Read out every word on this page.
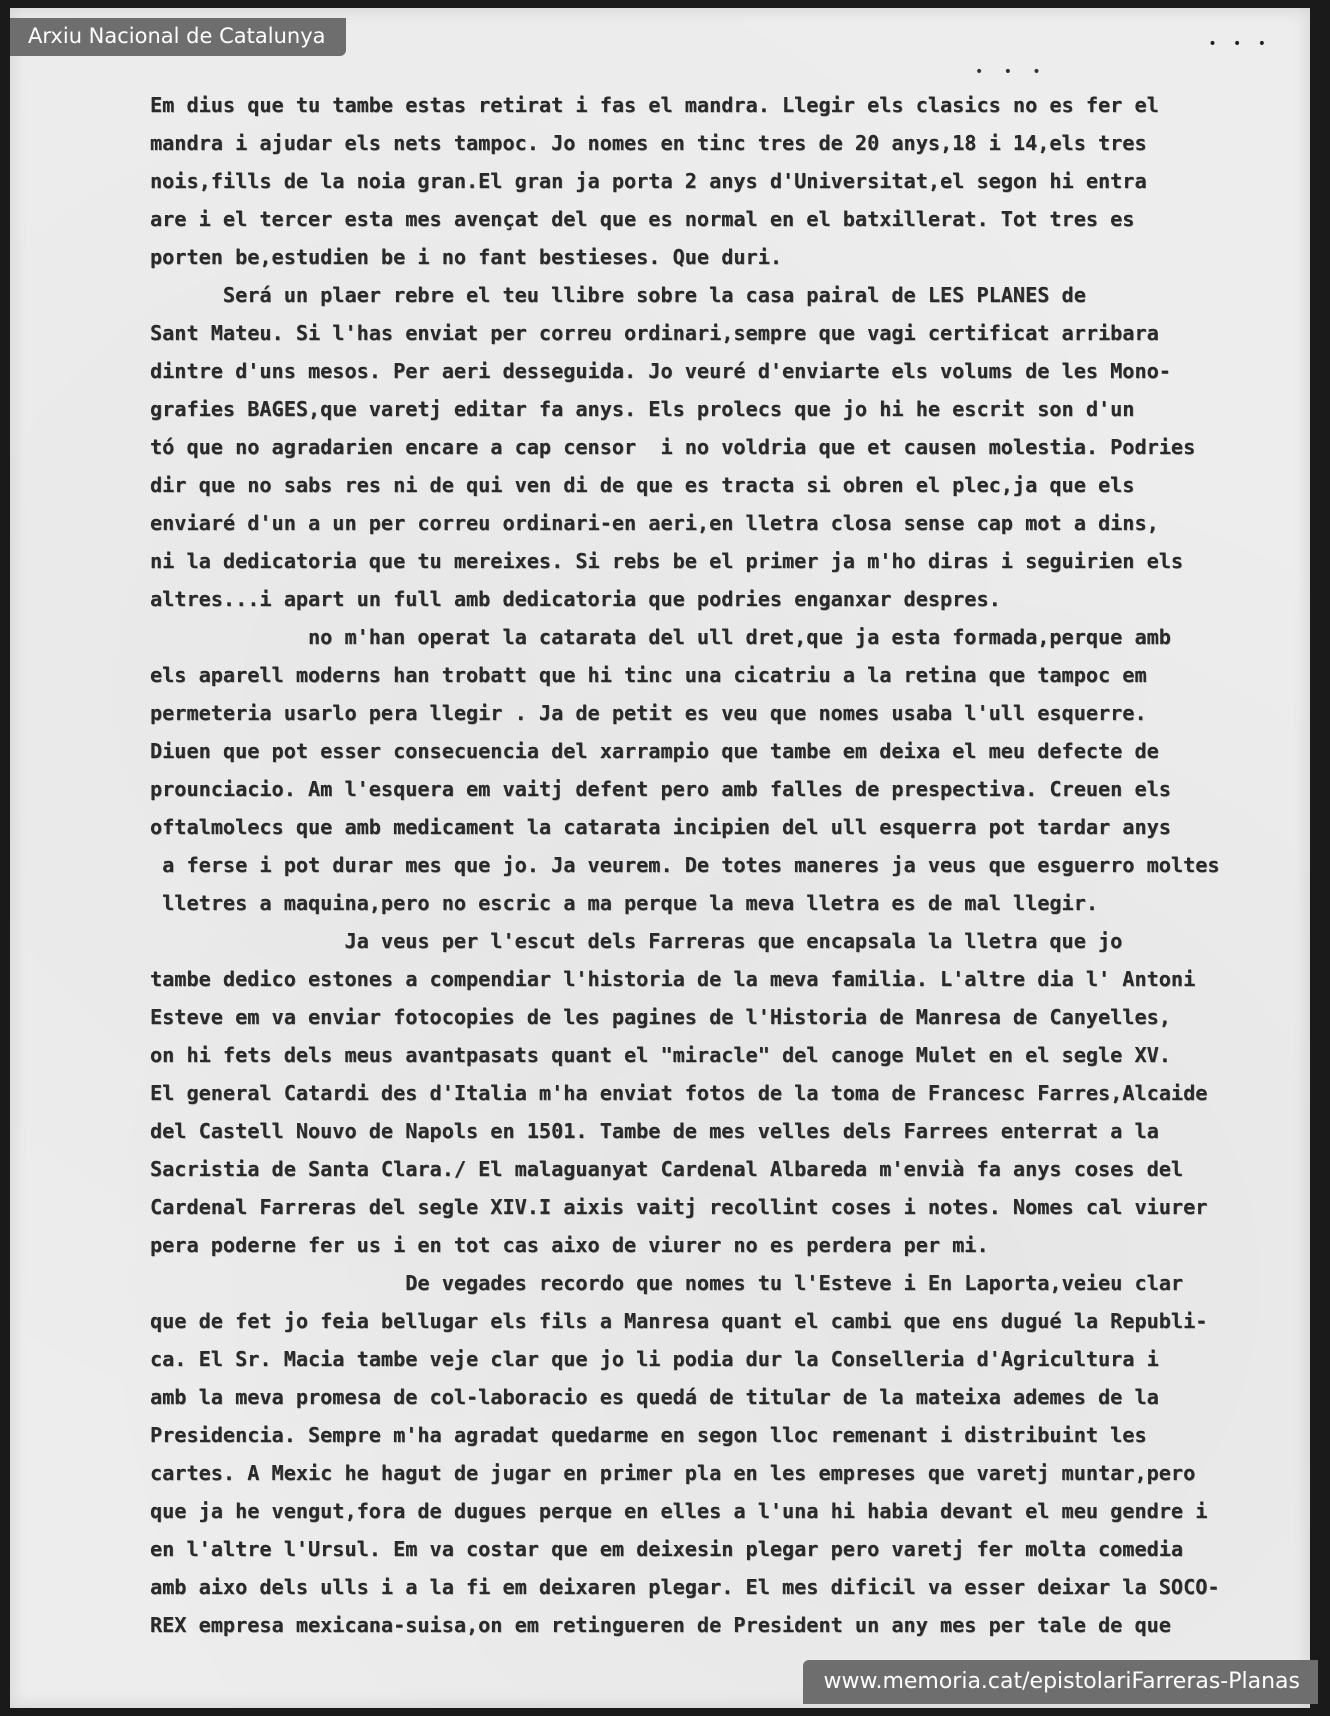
• • •
• • •
Em dius que tu tambe estas retirat i fas el mandra. Llegir els clasics no es fer el
mandra i ajudar els nets tampoc. Jo nomes en tinc tres de 20 anys,18 i 14,els tres
nois,fills de la noia gran.El gran ja porta 2 anys d'Universitat,el segon hi entra
are i el tercer esta mes avençat del que es normal en el batxillerat. Tot tres es
porten be,estudien be i no fant bestieses. Que duri.
Será un plaer rebre el teu llibre sobre la casa pairal de LES PLANES de
Sant Mateu. Si l'has enviat per correu ordinari,sempre que vagi certificat arribara
dintre d'uns mesos. Per aeri desseguida. Jo veuré d'enviarte els volums de les Mono-
grafies BAGES,que varetj editar fa anys. Els prolecs que jo hi he escrit son d'un
tó que no agradarien encare a cap censor  i no voldria que et causen molestia. Podries
dir que no sabs res ni de qui ven di de que es tracta si obren el plec,ja que els
enviaré d'un a un per correu ordinari-en aeri,en lletra closa sense cap mot a dins,
ni la dedicatoria que tu mereixes. Si rebs be el primer ja m'ho diras i seguirien els
altres...i apart un full amb dedicatoria que podries enganxar despres.
no m'han operat la catarata del ull dret,que ja esta formada,perque amb
els aparell moderns han trobatt que hi tinc una cicatriu a la retina que tampoc em
permeteria usarlo pera llegir . Ja de petit es veu que nomes usaba l'ull esquerre.
Diuen que pot esser consecuencia del xarrampio que tambe em deixa el meu defecte de
prounciacio. Am l'esquera em vaitj defent pero amb falles de prespectiva. Creuen els
oftalmolecs que amb medicament la catarata incipien del ull esquerra pot tardar anys
a ferse i pot durar mes que jo. Ja veurem. De totes maneres ja veus que esguerro moltes
lletres a maquina,pero no escric a ma perque la meva lletra es de mal llegir.
Ja veus per l'escut dels Farreras que encapsala la lletra que jo
tambe dedico estones a compendiar l'historia de la meva familia. L'altre dia l' Antoni
Esteve em va enviar fotocopies de les pagines de l'Historia de Manresa de Canyelles,
on hi fets dels meus avantpasats quant el "miracle" del canoge Mulet en el segle XV.
El general Catardi des d'Italia m'ha enviat fotos de la toma de Francesc Farres,Alcaide
del Castell Nouvo de Napols en 1501. Tambe de mes velles dels Farrees enterrat a la
Sacristia de Santa Clara./ El malaguanyat Cardenal Albareda m'envià fa anys coses del
Cardenal Farreras del segle XIV.I aixis vaitj recollint coses i notes. Nomes cal viurer
pera poderne fer us i en tot cas aixo de viurer no es perdera per mi.
De vegades recordo que nomes tu l'Esteve i En Laporta,veieu clar
que de fet jo feia bellugar els fils a Manresa quant el cambi que ens dugué la Republi-
ca. El Sr. Macia tambe veje clar que jo li podia dur la Conselleria d'Agricultura i
amb la meva promesa de col-laboracio es quedá de titular de la mateixa ademes de la
Presidencia. Sempre m'ha agradat quedarme en segon lloc remenant i distribuint les
cartes. A Mexic he hagut de jugar en primer pla en les empreses que varetj muntar,pero
que ja he vengut,fora de dugues perque en elles a l'una hi habia devant el meu gendre i
en l'altre l'Ursul. Em va costar que em deixesin plegar pero varetj fer molta comedia
amb aixo dels ulls i a la fi em deixaren plegar. El mes dificil va esser deixar la SOCO-
REX empresa mexicana-suisa,on em retingueren de President un any mes per tale de que
Arxiu Nacional de Catalunya
www.memoria.cat/epistolariFarreras-Planas
